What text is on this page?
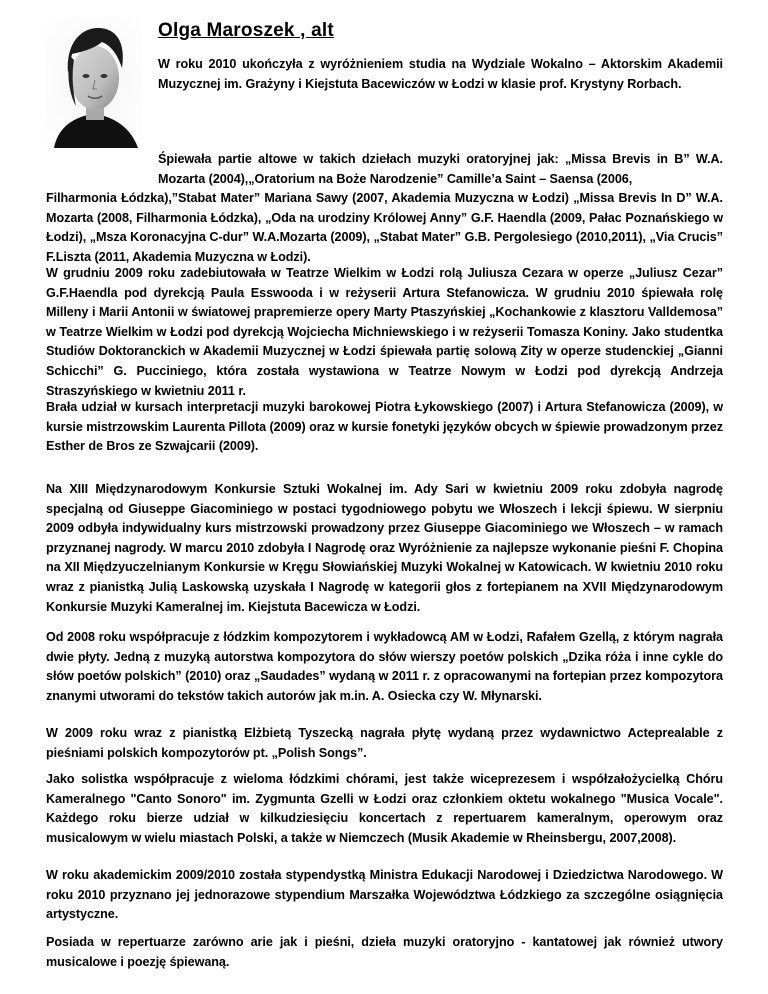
Olga Maroszek , alt

W roku 2010 ukończyła z wyróżnieniem studia na Wydziale Wokalno – Aktorskim Akademii Muzycznej im. Grażyny i Kiejstuta Bacewiczów w Łodzi w klasie prof. Krystyny Rorbach.

Śpiewała partie altowe w takich dziełach muzyki oratoryjnej jak: „Missa Brevis in B” W.A. Mozarta (2004),„Oratorium na Boże Narodzenie” Camille’a Saint – Saensa (2006,
Filharmonia Łódzka),”Stabat Mater” Mariana Sawy (2007, Akademia Muzyczna w Łodzi) „Missa Brevis In D” W.A. Mozarta (2008, Filharmonia Łódzka), „Oda na urodziny Królowej Anny” G.F. Haendla (2009, Pałac Poznańskiego w Łodzi), „Msza Koronacyjna C-dur” W.A.Mozarta (2009), „Stabat Mater” G.B. Pergolesiego (2010,2011), „Via Crucis” F.Liszta (2011, Akademia Muzyczna w Łodzi).

W grudniu 2009 roku zadebiutowała w Teatrze Wielkim w Łodzi rolą Juliusza Cezara w operze „Juliusz Cezar” G.F.Haendla pod dyrekcją Paula Esswooda i w reżyserii Artura Stefanowicza. W grudniu 2010 śpiewała rolę Milleny i Marii Antonii w światowej prapremierze opery Marty Ptaszyńskiej „Kochankowie z klasztoru Valldemosa” w Teatrze Wielkim w Łodzi pod dyrekcją Wojciecha Michniewskiego i w reżyserii Tomasza Koniny. Jako studentka Studiów Doktoranckich w Akademii Muzycznej w Łodzi śpiewała partię solową Zity w operze studenckiej „Gianni Schicchi” G. Pucciniego, która została wystawiona w Teatrze Nowym w Łodzi pod dyrekcją Andrzeja Straszyńskiego w kwietniu 2011 r.

Brała udział w kursach interpretacji muzyki barokowej Piotra Łykowskiego (2007) i Artura Stefanowicza (2009), w kursie mistrzowskim Laurenta Pillota (2009) oraz w kursie fonetyki języków obcych w śpiewie prowadzonym przez Esther de Bros ze Szwajcarii (2009).

Na XIII Międzynarodowym Konkursie Sztuki Wokalnej im. Ady Sari w kwietniu 2009 roku zdobyła nagrodę specjalną od Giuseppe Giacominiego w postaci tygodniowego pobytu we Włoszech i lekcji śpiewu. W sierpniu 2009 odbyła indywidualny kurs mistrzowski prowadzony przez Giuseppe Giacominiego we Włoszech – w ramach przyznanej nagrody. W marcu 2010 zdobyła I Nagrodę oraz Wyróżnienie za najlepsze wykonanie pieśni F. Chopina na XII Międzyuczelnianym Konkursie w Kręgu Słowiańskiej Muzyki Wokalnej w Katowicach. W kwietniu 2010 roku wraz z pianistką Julią Laskowską uzyskała I Nagrodę w kategorii głos z fortepianem na XVII Międzynarodowym Konkursie Muzyki Kameralnej im. Kiejstuta Bacewicza w Łodzi.

Od 2008 roku współpracuje z łódzkim kompozytorem i wykładowcą AM w Łodzi, Rafałem Gzellą, z którym nagrała dwie płyty. Jedną z muzyką autorstwa kompozytora do słów wierszy poetów polskich „Dzika róża i inne cykle do słów poetów polskich” (2010) oraz „Saudades” wydaną w 2011 r. z opracowanymi na fortepian przez kompozytora znanymi utworami do tekstów takich autorów jak m.in. A. Osiecka czy W. Młynarski.

W 2009 roku wraz z pianistką Elżbietą Tyszecką nagrała płytę wydaną przez wydawnictwo Acteprealable z pieśniami polskich kompozytorów pt. „Polish Songs”.

Jako solistka współpracuje z wieloma łódzkimi chórami, jest także wiceprezesem i współzałożycielką Chóru Kameralnego "Canto Sonoro" im. Zygmunta Gzelli w Łodzi oraz członkiem oktetu wokalnego "Musica Vocale". Każdego roku bierze udział w kilkudziesięciu koncertach z repertuarem kameralnym, operowym oraz musicalowym w wielu miastach Polski, a także w Niemczech (Musik Akademie w Rheinsbergu, 2007,2008).

W roku akademickim 2009/2010 została stypendystką Ministra Edukacji Narodowej i Dziedzictwa Narodowego. W roku 2010 przyznano jej jednorazowe stypendium Marszałka Województwa Łódzkiego za szczególne osiągnięcia artystyczne.

Posiada w repertuarze zarówno arie jak i pieśni, dzieła muzyki oratoryjno - kantatowej jak również utwory musicalowe i poezję śpiewaną.
